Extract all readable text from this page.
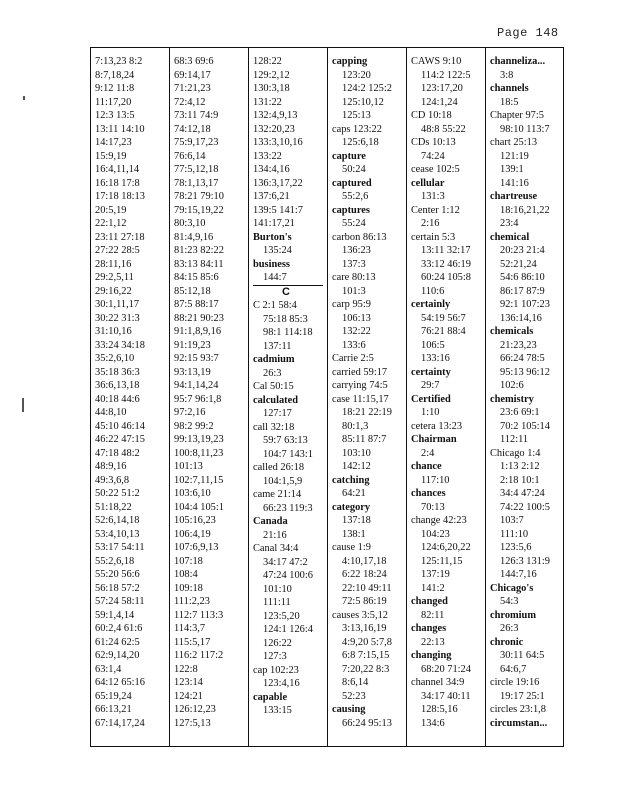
Page 148
7:13,23 8:2
8:7,18,24
9:12 11:8
11:17,20
12:3 13:5
13:11 14:10
14:17,23
15:9,19
16:4,11,14
16:18 17:8
17:18 18:13
20:5,19
22:1,12
23:11 27:18
27:22 28:5
28:11,16
29:2,5,11
29:16,22
30:1,11,17
30:22 31:3
31:10,16
33:24 34:18
35:2,6,10
35:18 36:3
36:6,13,18
40:18 44:6
44:8,10
45:10 46:14
46:22 47:15
47:18 48:2
48:9,16
49:3,6,8
50:22 51:2
51:18,22
52:6,14,18
53:4,10,13
53:17 54:11
55:2,6,18
55:20 56:6
56:18 57:2
57:24 58:11
59:1,4,14
60:2,4 61:6
61:24 62:5
62:9,14,20
63:1,4
64:12 65:16
65:19,24
66:13,21
67:14,17,24
68:3 69:6
69:14,17
71:21,23
72:4,12
73:11 74:9
74:12,18
75:9,17,23
76:6,14
77:5,12,18
78:1,13,17
78:21 79:10
79:15,19,22
80:3,10
81:4,9,16
81:23 82:22
83:13 84:11
84:15 85:6
85:12,18
87:5 88:17
88:21 90:23
91:1,8,9,16
91:19,23
92:15 93:7
93:13,19
94:1,14,24
95:7 96:1,8
97:2,16
98:2 99:2
99:13,19,23
100:8,11,23
101:13
102:7,11,15
103:6,10
104:4 105:1
105:16,23
106:4,19
107:6,9,13
107:18
108:4
109:18
111:2,23
112:7 113:3
114:3,7
115:5,17
116:2 117:2
122:8
123:14
124:21
126:12,23
127:5,13
128:22
129:2,12
130:3,18
131:22
132:4,9,13
132:20,23
133:3,10,16
133:22
134:4,16
136:3,17,22
137:6,21
139:5 141:7
141:17,21
Burton's
135:24
business
144:7
C
C 2:1 58:4
75:18 85:3
98:1 114:18
137:11
cadmium
26:3
Cal 50:15
calculated
127:17
call 32:18
59:7 63:13
104:7 143:1
called 26:18
104:1,5,9
came 21:14
66:23 119:3
Canada
21:16
Canal 34:4
34:17 47:2
47:24 100:6
101:10
111:11
123:5,20
124:1 126:4
126:22
127:3
cap 102:23
123:4,16
capable
133:15
capping
123:20
124:2 125:2
125:10,12
125:13
caps 123:22
125:6,18
capture
50:24
captured
55:2,6
captures
55:24
carbon 86:13
136:23
137:3
care 80:13
101:3
carp 95:9
106:13
132:22
133:6
Carrie 2:5
carried 59:17
carrying 74:5
case 11:15,17
18:21 22:19
80:1,3
85:11 87:7
103:10
142:12
catching
64:21
category
137:18
138:1
cause 1:9
4:10,17,18
6:22 18:24
22:10 49:11
72:5 86:19
causes 3:5,12
3:13,16,19
4:9,20 5:7,8
6:8 7:15,15
7:20,22 8:3
8:6,14
52:23
causing
66:24 95:13
CAWS 9:10
114:2 122:5
123:17,20
124:1,24
CD 10:18
48:8 55:22
CDs 10:13
74:24
cease 102:5
cellular
131:3
Center 1:12
2:16
certain 5:3
13:11 32:17
33:12 46:19
60:24 105:8
110:6
certainly
54:19 56:7
76:21 88:4
106:5
133:16
certainty
29:7
Certified
1:10
cetera 13:23
Chairman
2:4
chance
117:10
chances
70:13
change 42:23
104:23
124:6,20,22
125:11,15
137:19
141:2
changed
82:11
changes
22:13
changing
68:20 71:24
channel 34:9
34:17 40:11
128:5,16
134:6
channeliza...
3:8
channels
18:5
Chapter 97:5
98:10 113:7
chart 25:13
121:19
139:1
141:16
chartreuse
18:16,21,22
23:4
chemical
20:23 21:4
52:21,24
54:6 86:10
86:17 87:9
92:1 107:23
136:14,16
chemicals
21:23,23
66:24 78:5
95:13 96:12
102:6
chemistry
23:6 69:1
70:2 105:14
112:11
Chicago 1:4
1:13 2:12
2:18 10:1
34:4 47:24
74:22 100:5
103:7
111:10
123:5,6
126:3 131:9
144:7,16
Chicago's
54:3
chromium
26:3
chronic
30:11 64:5
64:6,7
circle 19:16
19:17 25:1
circles 23:1,8
circumstan...
